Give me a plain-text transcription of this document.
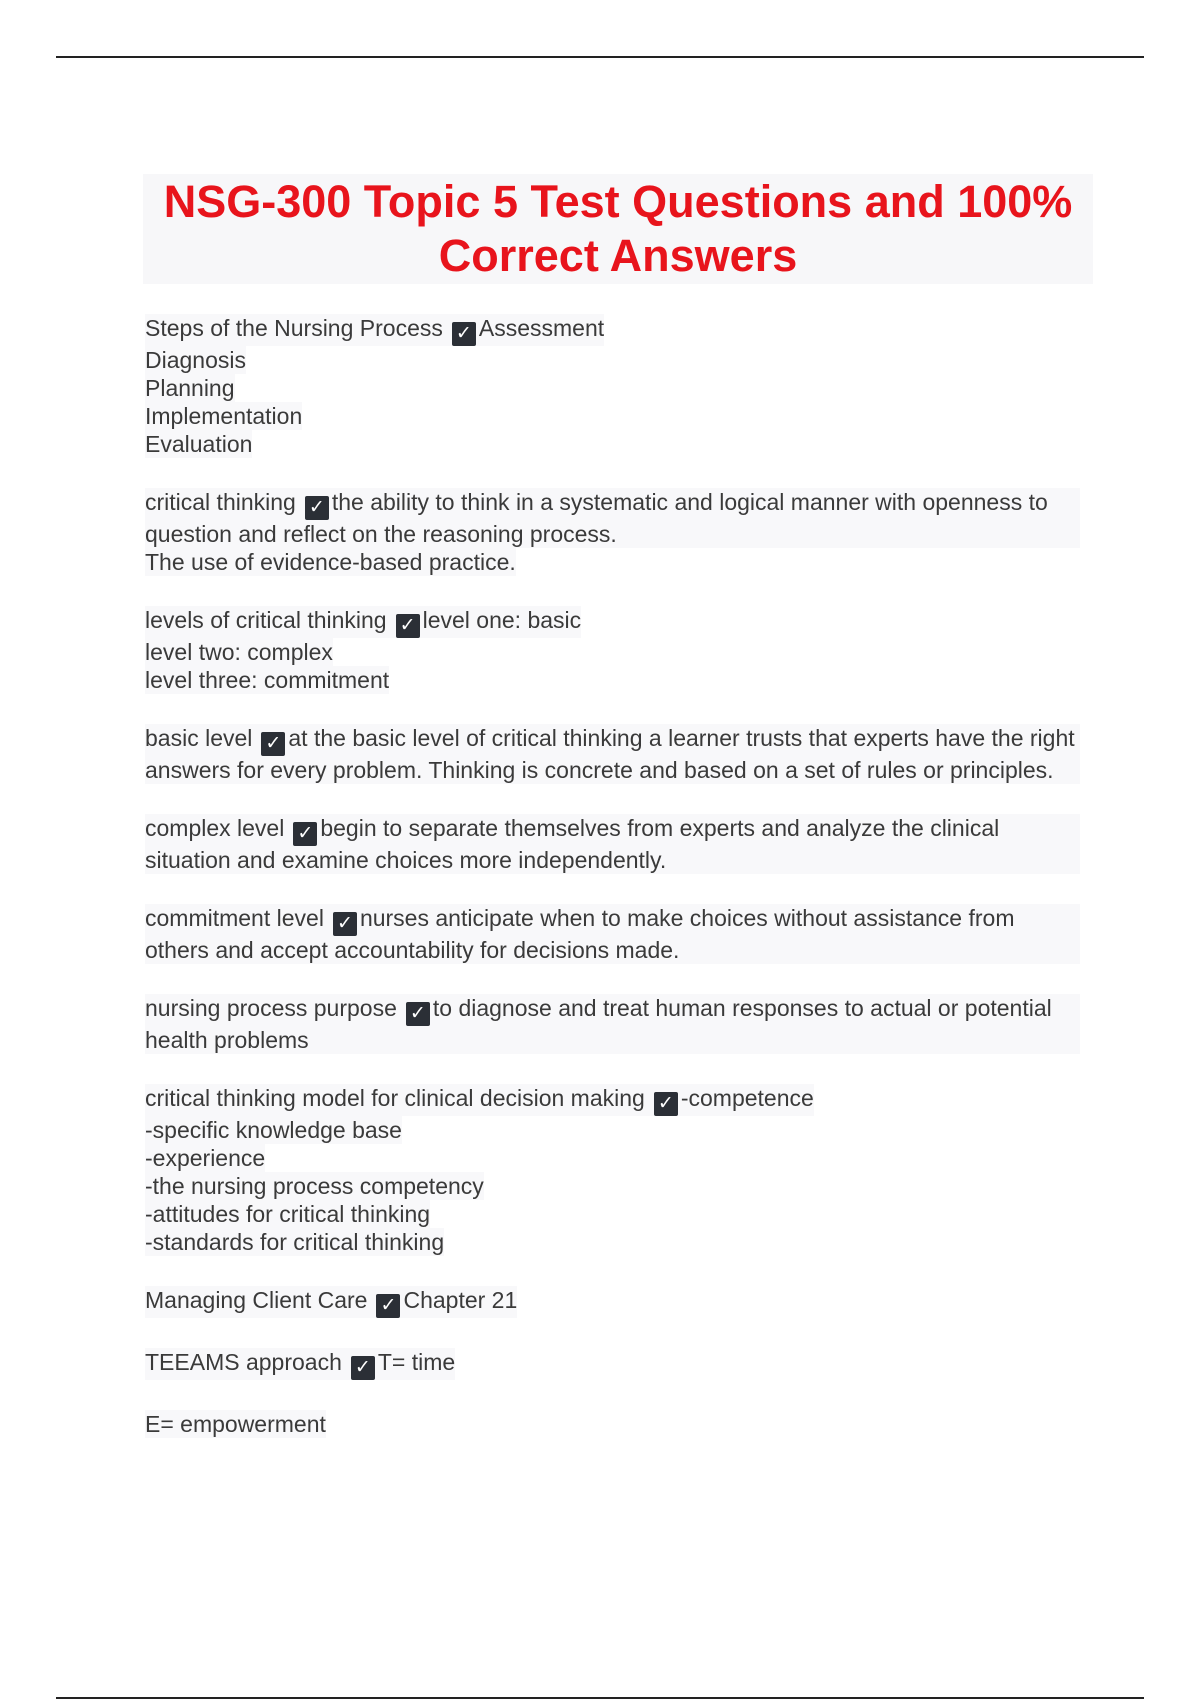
NSG-300 Topic 5 Test Questions and 100% Correct Answers
Steps of the Nursing Process ✓ Assessment
Diagnosis
Planning
Implementation
Evaluation
critical thinking ✓ the ability to think in a systematic and logical manner with openness to question and reflect on the reasoning process.
The use of evidence-based practice.
levels of critical thinking ✓ level one: basic
level two: complex
level three: commitment
basic level ✓ at the basic level of critical thinking a learner trusts that experts have the right answers for every problem. Thinking is concrete and based on a set of rules or principles.
complex level ✓ begin to separate themselves from experts and analyze the clinical situation and examine choices more independently.
commitment level ✓ nurses anticipate when to make choices without assistance from others and accept accountability for decisions made.
nursing process purpose ✓ to diagnose and treat human responses to actual or potential health problems
critical thinking model for clinical decision making ✓ -competence
-specific knowledge base
-experience
-the nursing process competency
-attitudes for critical thinking
-standards for critical thinking
Managing Client Care ✓ Chapter 21
TEEAMS approach ✓ T= time
E= empowerment
